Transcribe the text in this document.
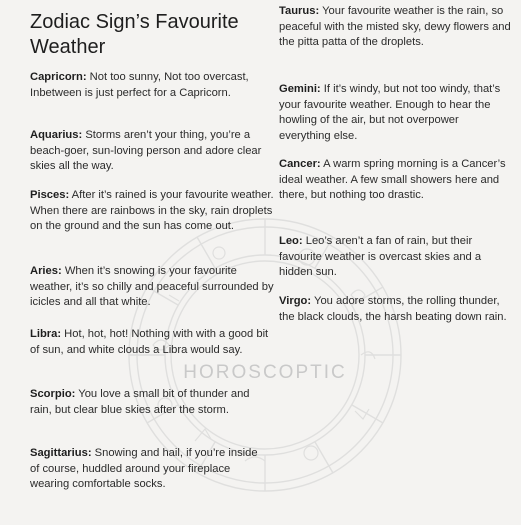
HOROSCOPTIC
Zodiac Sign’s Favourite Weather

Capricorn: Not too sunny, Not too overcast, Inbetween is just perfect for a Capricorn.

Aquarius: Storms aren’t your thing, you’re a beach-goer, sun-loving person and adore clear skies all the way.

Pisces: After it’s rained is your favourite weather. When there are rainbows in the sky, rain droplets on the ground and the sun has come out.

Aries: When it’s snowing is your favourite weather, it’s so chilly and peaceful surrounded by icicles and all that white.

Libra: Hot, hot, hot! Nothing with with a good bit of sun, and white clouds a Libra would say.

Scorpio: You love a small bit of thunder and rain, but clear blue skies after the storm.

Sagittarius: Snowing and hail, if you’re inside of course, huddled around your fireplace wearing comfortable socks.

Taurus: Your favourite weather is the rain, so peaceful with the misted sky, dewy flowers and the pitta patta of the droplets.

Gemini: If it’s windy, but not too windy, that’s your favourite weather. Enough to hear the howling of the air, but not overpower everything else.

Cancer: A warm spring morning is a Cancer’s ideal weather. A few small showers here and there, but nothing too drastic.

Leo: Leo’s aren’t a fan of rain, but their favourite weather is overcast skies and a hidden sun.

Virgo: You adore storms, the rolling thunder, the black clouds, the harsh beating down rain.
